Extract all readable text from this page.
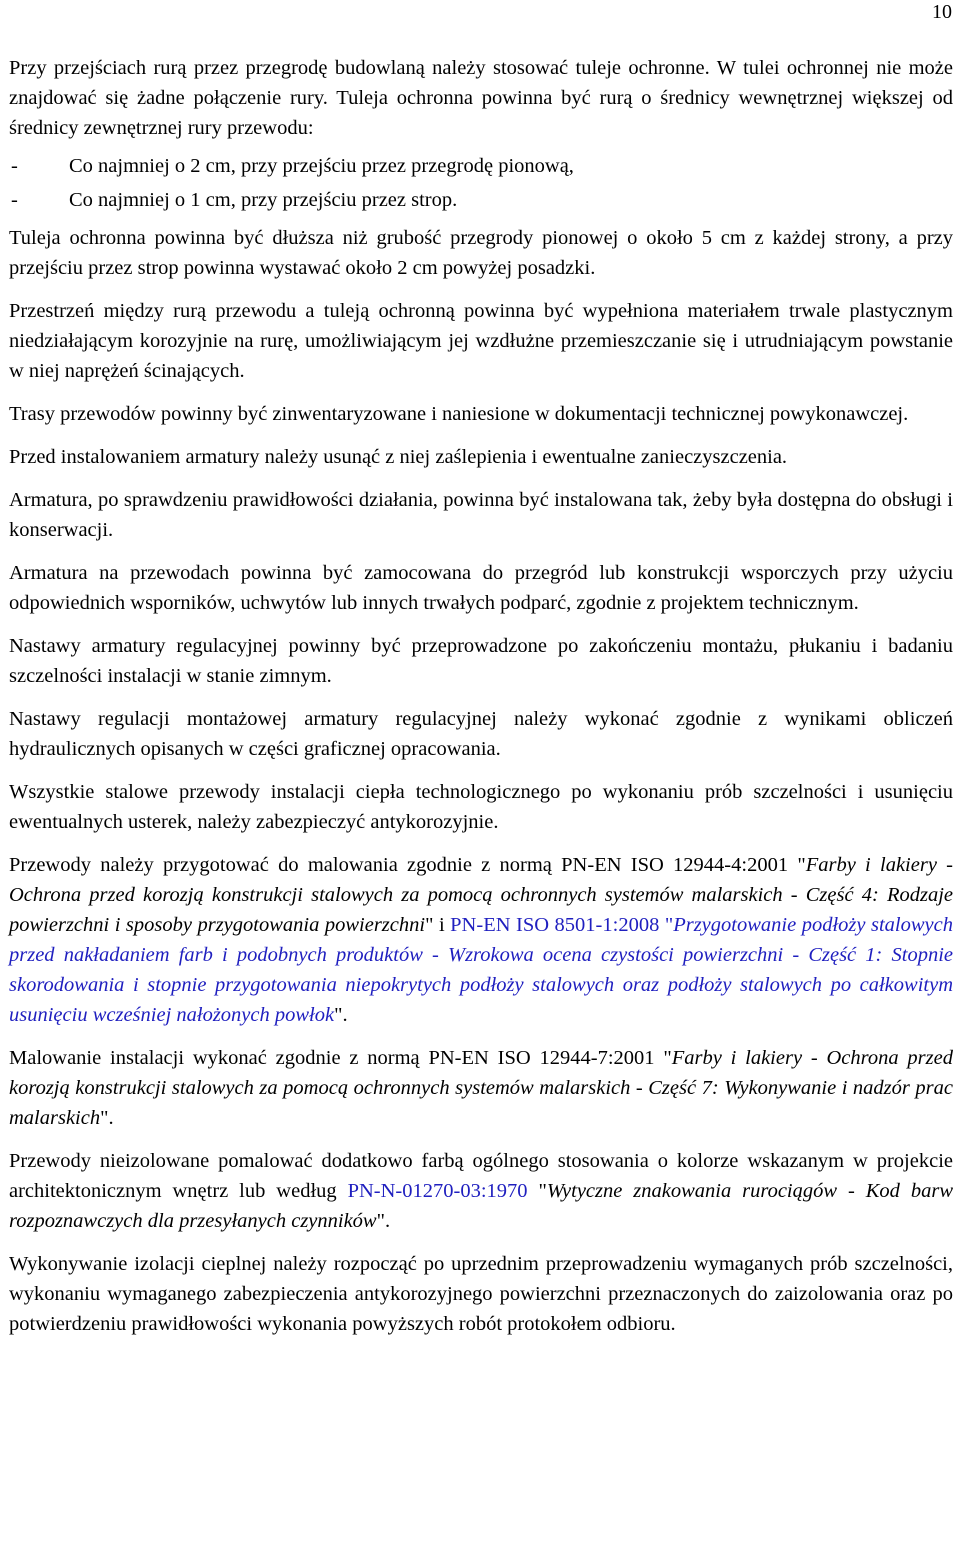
10

Przy przejściach rurą przez przegrodę budowlaną należy stosować tuleje ochronne. W tulei ochronnej nie może znajdować się żadne połączenie rury. Tuleja ochronna powinna być rurą o średnicy wewnętrznej większej od średnicy zewnętrznej rury przewodu:

-	Co najmniej o 2 cm, przy przejściu przez przegrodę pionową,
-	Co najmniej o 1 cm, przy przejściu przez strop.

Tuleja ochronna powinna być dłuższa niż grubość przegrody pionowej o około 5 cm z każdej strony, a przy przejściu przez strop powinna wystawać około 2 cm powyżej posadzki.

Przestrzeń między rurą przewodu a tuleją ochronną powinna być wypełniona materiałem trwale plastycznym niedziałającym korozyjnie na rurę, umożliwiającym jej wzdłużne przemieszczanie się i utrudniającym powstanie w niej naprężeń ścinających.

Trasy przewodów powinny być zinwentaryzowane i naniesione w dokumentacji technicznej powykonawczej.

Przed instalowaniem armatury należy usunąć z niej zaślepienia i ewentualne zanieczyszczenia.

Armatura, po sprawdzeniu prawidłowości działania, powinna być instalowana tak, żeby była dostępna do obsługi i konserwacji.

Armatura na przewodach powinna być zamocowana do przegród lub konstrukcji wsporczych przy użyciu odpowiednich wsporników, uchwytów lub innych trwałych podparć, zgodnie z projektem technicznym.

Nastawy armatury regulacyjnej powinny być przeprowadzone po zakończeniu montażu, płukaniu i badaniu szczelności instalacji w stanie zimnym.

Nastawy regulacji montażowej armatury regulacyjnej należy wykonać zgodnie z wynikami obliczeń hydraulicznych opisanych w części graficznej opracowania.

Wszystkie stalowe przewody instalacji ciepła technologicznego po wykonaniu prób szczelności i usunięciu ewentualnych usterek, należy zabezpieczyć antykorozyjnie.

Przewody należy przygotować do malowania zgodnie z normą PN-EN ISO 12944-4:2001 "Farby i lakiery - Ochrona przed korozją konstrukcji stalowych za pomocą ochronnych systemów malarskich - Część 4: Rodzaje powierzchni i sposoby przygotowania powierzchni" i PN-EN ISO 8501-1:2008 "Przygotowanie podłoży stalowych przed nakładaniem farb i podobnych produktów - Wzrokowa ocena czystości powierzchni - Część 1: Stopnie skorodowania i stopnie przygotowania niepokrytych podłoży stalowych oraz podłoży stalowych po całkowitym usunięciu wcześniej nałożonych powłok".

Malowanie instalacji wykonać zgodnie z normą PN-EN ISO 12944-7:2001 "Farby i lakiery - Ochrona przed korozją konstrukcji stalowych za pomocą ochronnych systemów malarskich - Część 7: Wykonywanie i nadzór prac malarskich".

Przewody nieizolowane pomalować dodatkowo farbą ogólnego stosowania o kolorze wskazanym w projekcie architektonicznym wnętrz lub według PN-N-01270-03:1970 "Wytyczne znakowania rurociągów - Kod barw rozpoznawczych dla przesyłanych czynników".

Wykonywanie izolacji cieplnej należy rozpocząć po uprzednim przeprowadzeniu wymaganych prób szczelności, wykonaniu wymaganego zabezpieczenia antykorozyjnego powierzchni przeznaczonych do zaizolowania oraz po potwierdzeniu prawidłowości wykonania powyższych robót protokołem odbioru.
